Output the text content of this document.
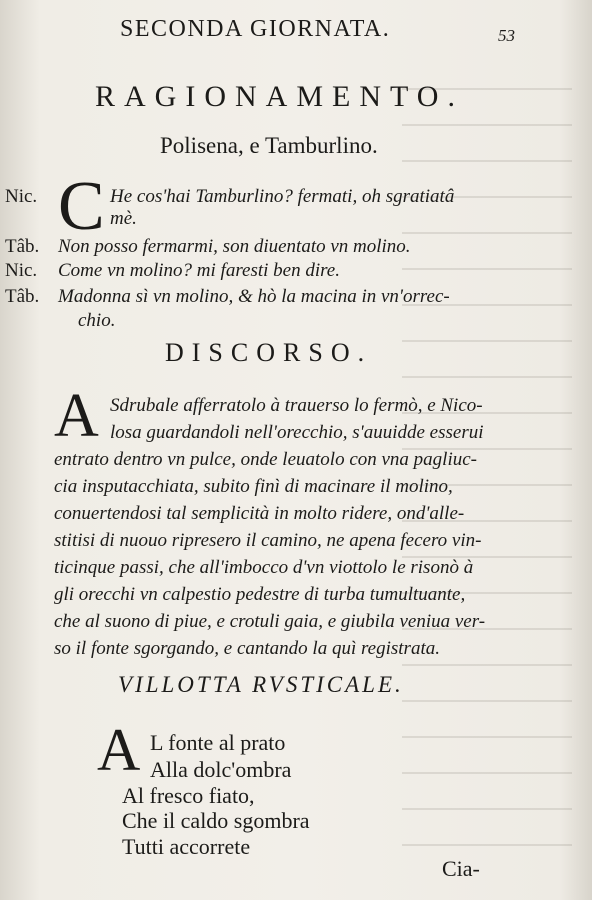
SECONDA GIORNATA.	53
RAGIONAMENTO.
Polisena, e Tamburlino.
C
Nic.	He cos'hai Tamburlino? fermati, oh sgratiatâ
mè.
Tâb. Non posso fermarmi, son diuentato vn molino.
Nic. Come vn molino? mi faresti ben dire.
Tâb. Madonna sì vn molino, & hò la macina in vn'orrec-
chio.
DISCORSO.
A Sdrubale afferratolo à trauerso lo fermò, e Nico-
losa guardandoli nell'orecchio, s'auuidde esserui
entrato dentro vn pulce, onde leuatolo con vna pagliuc-
cia insputacchiata, subito finì di macinare il molino,
conuertendosi tal semplicità in molto ridere, ond'alle-
stitisi di nuouo ripresero il camino, ne apena fecero vin-
ticinque passi, che all'imbocco d'vn viottolo le risonò à
gli orecchi vn calpestio pedestre di turba tumultuante,
che al suono di piue, e crotuli gaia, e giubila veniua ver-
so il fonte sgorgando, e cantando la quì registrata.
VILLOTTA RVSTICALE.
A L fonte al prato
Alla dolc'ombra
Al fresco fiato,
Che il caldo sgombra
Tutti accorrete
Cia-
